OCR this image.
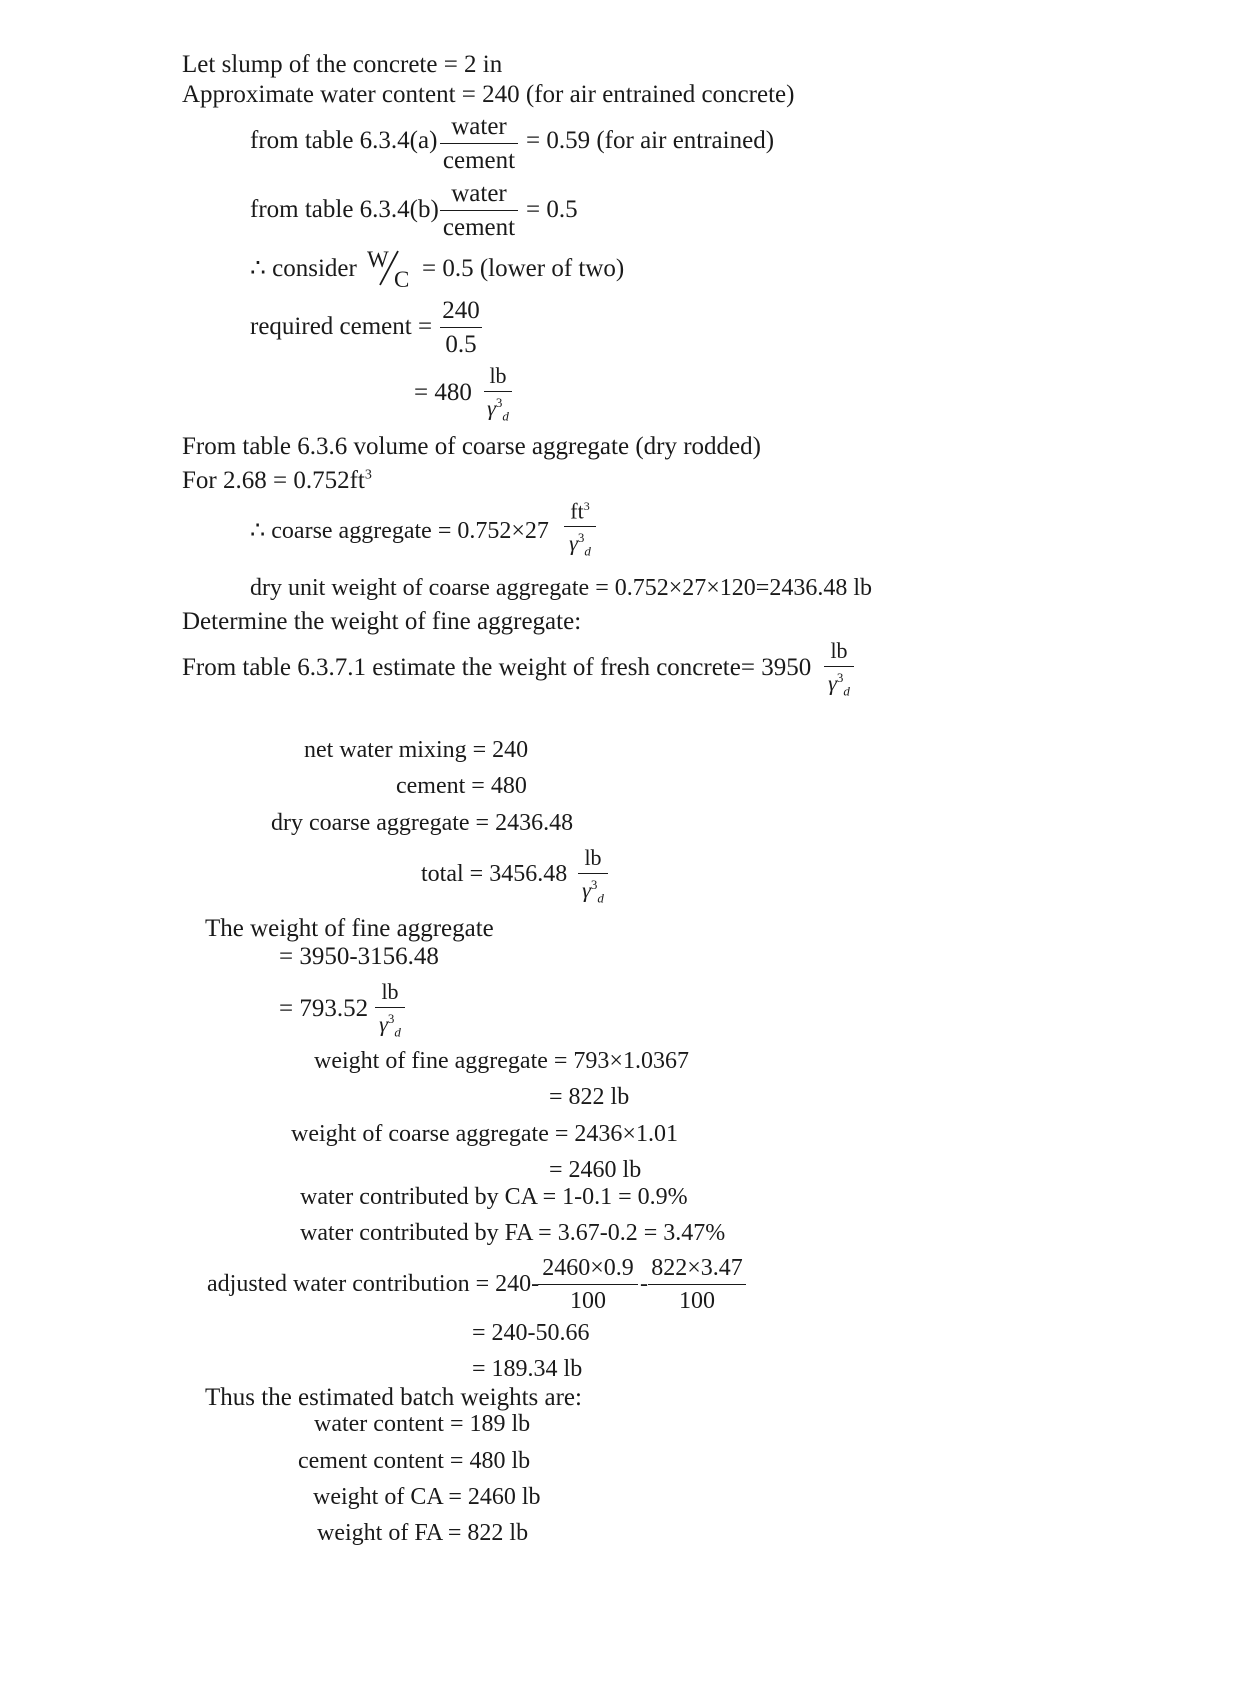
Let slump of the concrete = 2 in
Approximate water content = 240 (for air entrained concrete)
from table 6.3.4(a)
water
cement
= 0.59 (for air entrained)
from table 6.3.4(b)
water
cement
= 0.5
∴ consider W
C = 0.5 (lower of two)
required cement =
240
0.5
= 480
lb
$\gamma^3_d$
From table 6.3.6 volume of coarse aggregate (dry rodded)
For $2.68 = 0.752ft^3$
∴ coarse aggregate = 0.752×27
$ft^3$
$\gamma^3_d$
dry unit weight of coarse aggregate = 0.752×27×120=2436.48 lb
Determine the weight of fine aggregate:
From table 6.3.7.1 estimate the weight of fresh concrete= 3950
lb
$\gamma^3_d$
net water mixing = 240
cement = 480
dry coarse aggregate = 2436.48
total = 3456.48
lb
$\gamma^3_d$
The weight of fine aggregate
= 3950-3156.48
= 793.52
lb
$\gamma^3_d$
weight of fine aggregate = 793×1.0367
= 822 lb
weight of coarse aggregate = 2436×1.01
= 2460 lb
water contributed by CA = 1-0.1 = 0.9%
water contributed by FA = 3.67-0.2 = 3.47%
adjusted water contribution = 240-
2460×0.9
100
-
822×3.47
100
= 240-50.66
= 189.34 lb
Thus the estimated batch weights are:
water content = 189 lb
cement content = 480 lb
weight of CA = 2460 lb
weight of FA = 822 lb
